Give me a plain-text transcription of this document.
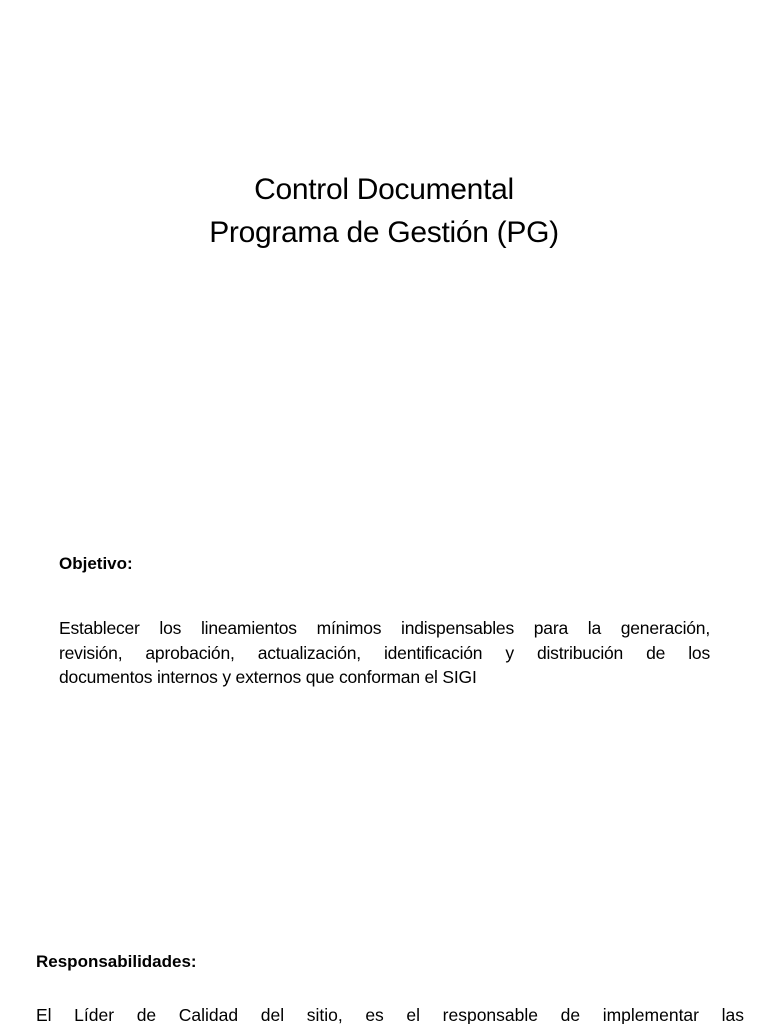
Control Documental
Programa de Gestión (PG)
Objetivo:
Establecer los lineamientos mínimos indispensables para la generación,
revisión, aprobación, actualización, identificación y distribución de los
documentos internos y externos que conforman el SIGI
Responsabilidades:
El Líder de Calidad del sitio, es el responsable de implementar las
